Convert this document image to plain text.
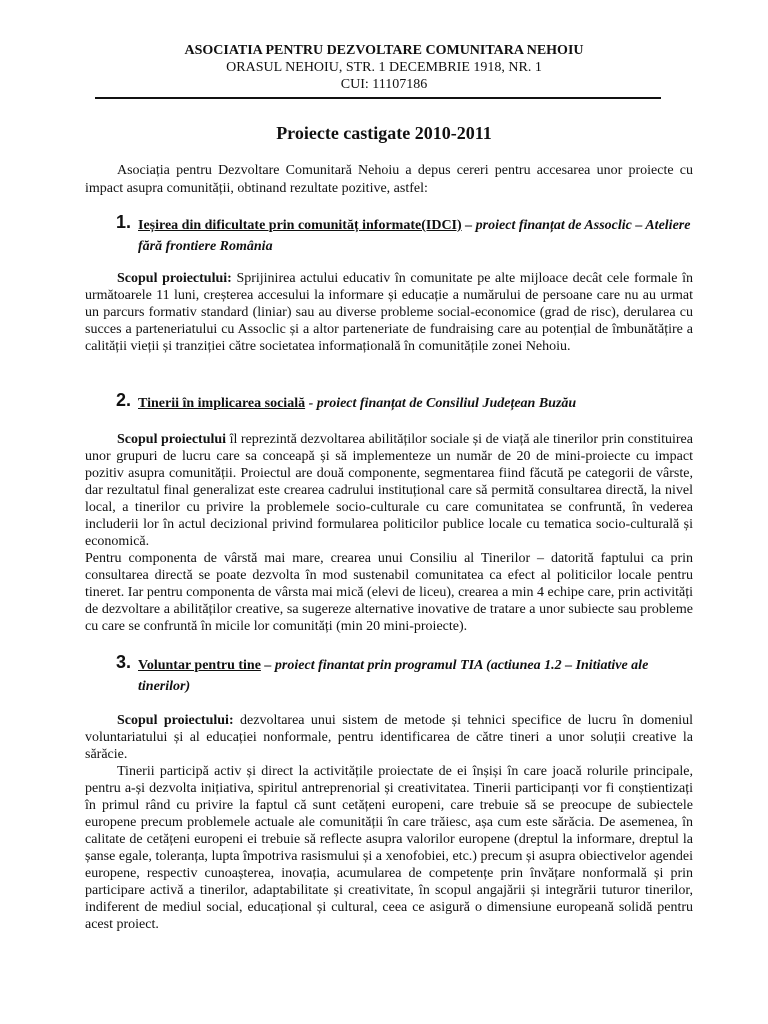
ASOCIATIA PENTRU DEZVOLTARE COMUNITARA NEHOIU
ORASUL NEHOIU, STR. 1 DECEMBRIE 1918, NR. 1
CUI: 11107186
Proiecte castigate 2010-2011
Asociația pentru Dezvoltare Comunitară Nehoiu a depus cereri pentru accesarea unor proiecte cu impact asupra comunității, obtinand rezultate pozitive, astfel:
1. Ieșirea din dificultate prin comunităț informate(IDCI) – proiect finanțat de Assoclic – Ateliere fără frontiere România
Scopul proiectului: Sprijinirea actului educativ în comunitate pe alte mijloace decât cele formale în următoarele 11 luni, creșterea accesului la informare și educație a numărului de persoane care nu au urmat un parcurs formativ standard (liniar) sau au diverse probleme social-economice (grad de risc), derularea cu succes a parteneriatului cu Assoclic și a altor parteneriate de fundraising care au potențial de îmbunătățire a calității vieții și tranziției către societatea informațională în comunitățile zonei Nehoiu.
2. Tinerii în implicarea socială - proiect finanțat de Consiliul Județean Buzău
Scopul proiectului îl reprezintă dezvoltarea abilităților sociale și de viață ale tinerilor prin constituirea unor grupuri de lucru care sa conceapă și să implementeze un număr de 20 de mini-proiecte cu impact pozitiv asupra comunității. Proiectul are două componente, segmentarea fiind făcută pe categorii de vârste, dar rezultatul final generalizat este crearea cadrului instituțional care să permită consultarea directă, la nivel local, a tinerilor cu privire la problemele socio-culturale cu care comunitatea se confruntă, în vederea includerii lor în actul decizional privind formularea politicilor publice locale cu tematica socio-culturală și economică.
Pentru componenta de vârstă mai mare, crearea unui Consiliu al Tinerilor – datorită faptului ca prin consultarea directă se poate dezvolta în mod sustenabil comunitatea ca efect al politicilor locale pentru tineret. Iar pentru componenta de vârsta mai mică (elevi de liceu), crearea a min 4 echipe care, prin activități de dezvoltare a abilităților creative, sa sugereze alternative inovative de tratare a unor subiecte sau probleme cu care se confruntă în micile lor comunități (min 20 mini-proiecte).
3. Voluntar pentru tine – proiect finantat prin programul TIA (actiunea 1.2 – Initiative ale tinerilor)
Scopul proiectului: dezvoltarea unui sistem de metode și tehnici specifice de lucru în domeniul voluntariatului și al educației nonformale, pentru identificarea de către tineri a unor soluții creative la sărăcie.
Tinerii participă activ și direct la activitățile proiectate de ei înșiși în care joacă rolurile principale, pentru a-și dezvolta inițiativa, spiritul antreprenorial și creativitatea. Tinerii participanți vor fi conștientizați în primul rând cu privire la faptul că sunt cetățeni europeni, care trebuie să se preocupe de subiectele europene precum problemele actuale ale comunității în care trăiesc, așa cum este sărăcia. De asemenea, în calitate de cetățeni europeni ei trebuie să reflecte asupra valorilor europene (dreptul la informare, dreptul la șanse egale, toleranța, lupta împotriva rasismului și a xenofobiei, etc.) precum și asupra obiectivelor agendei europene, respectiv cunoașterea, inovația, acumularea de competențe prin învățare nonformală și prin participare activă a tinerilor, adaptabilitate și creativitate, în scopul angajării și integrării tuturor tinerilor, indiferent de mediul social, educațional și cultural, ceea ce asigură o dimensiune europeană solidă pentru acest proiect.
